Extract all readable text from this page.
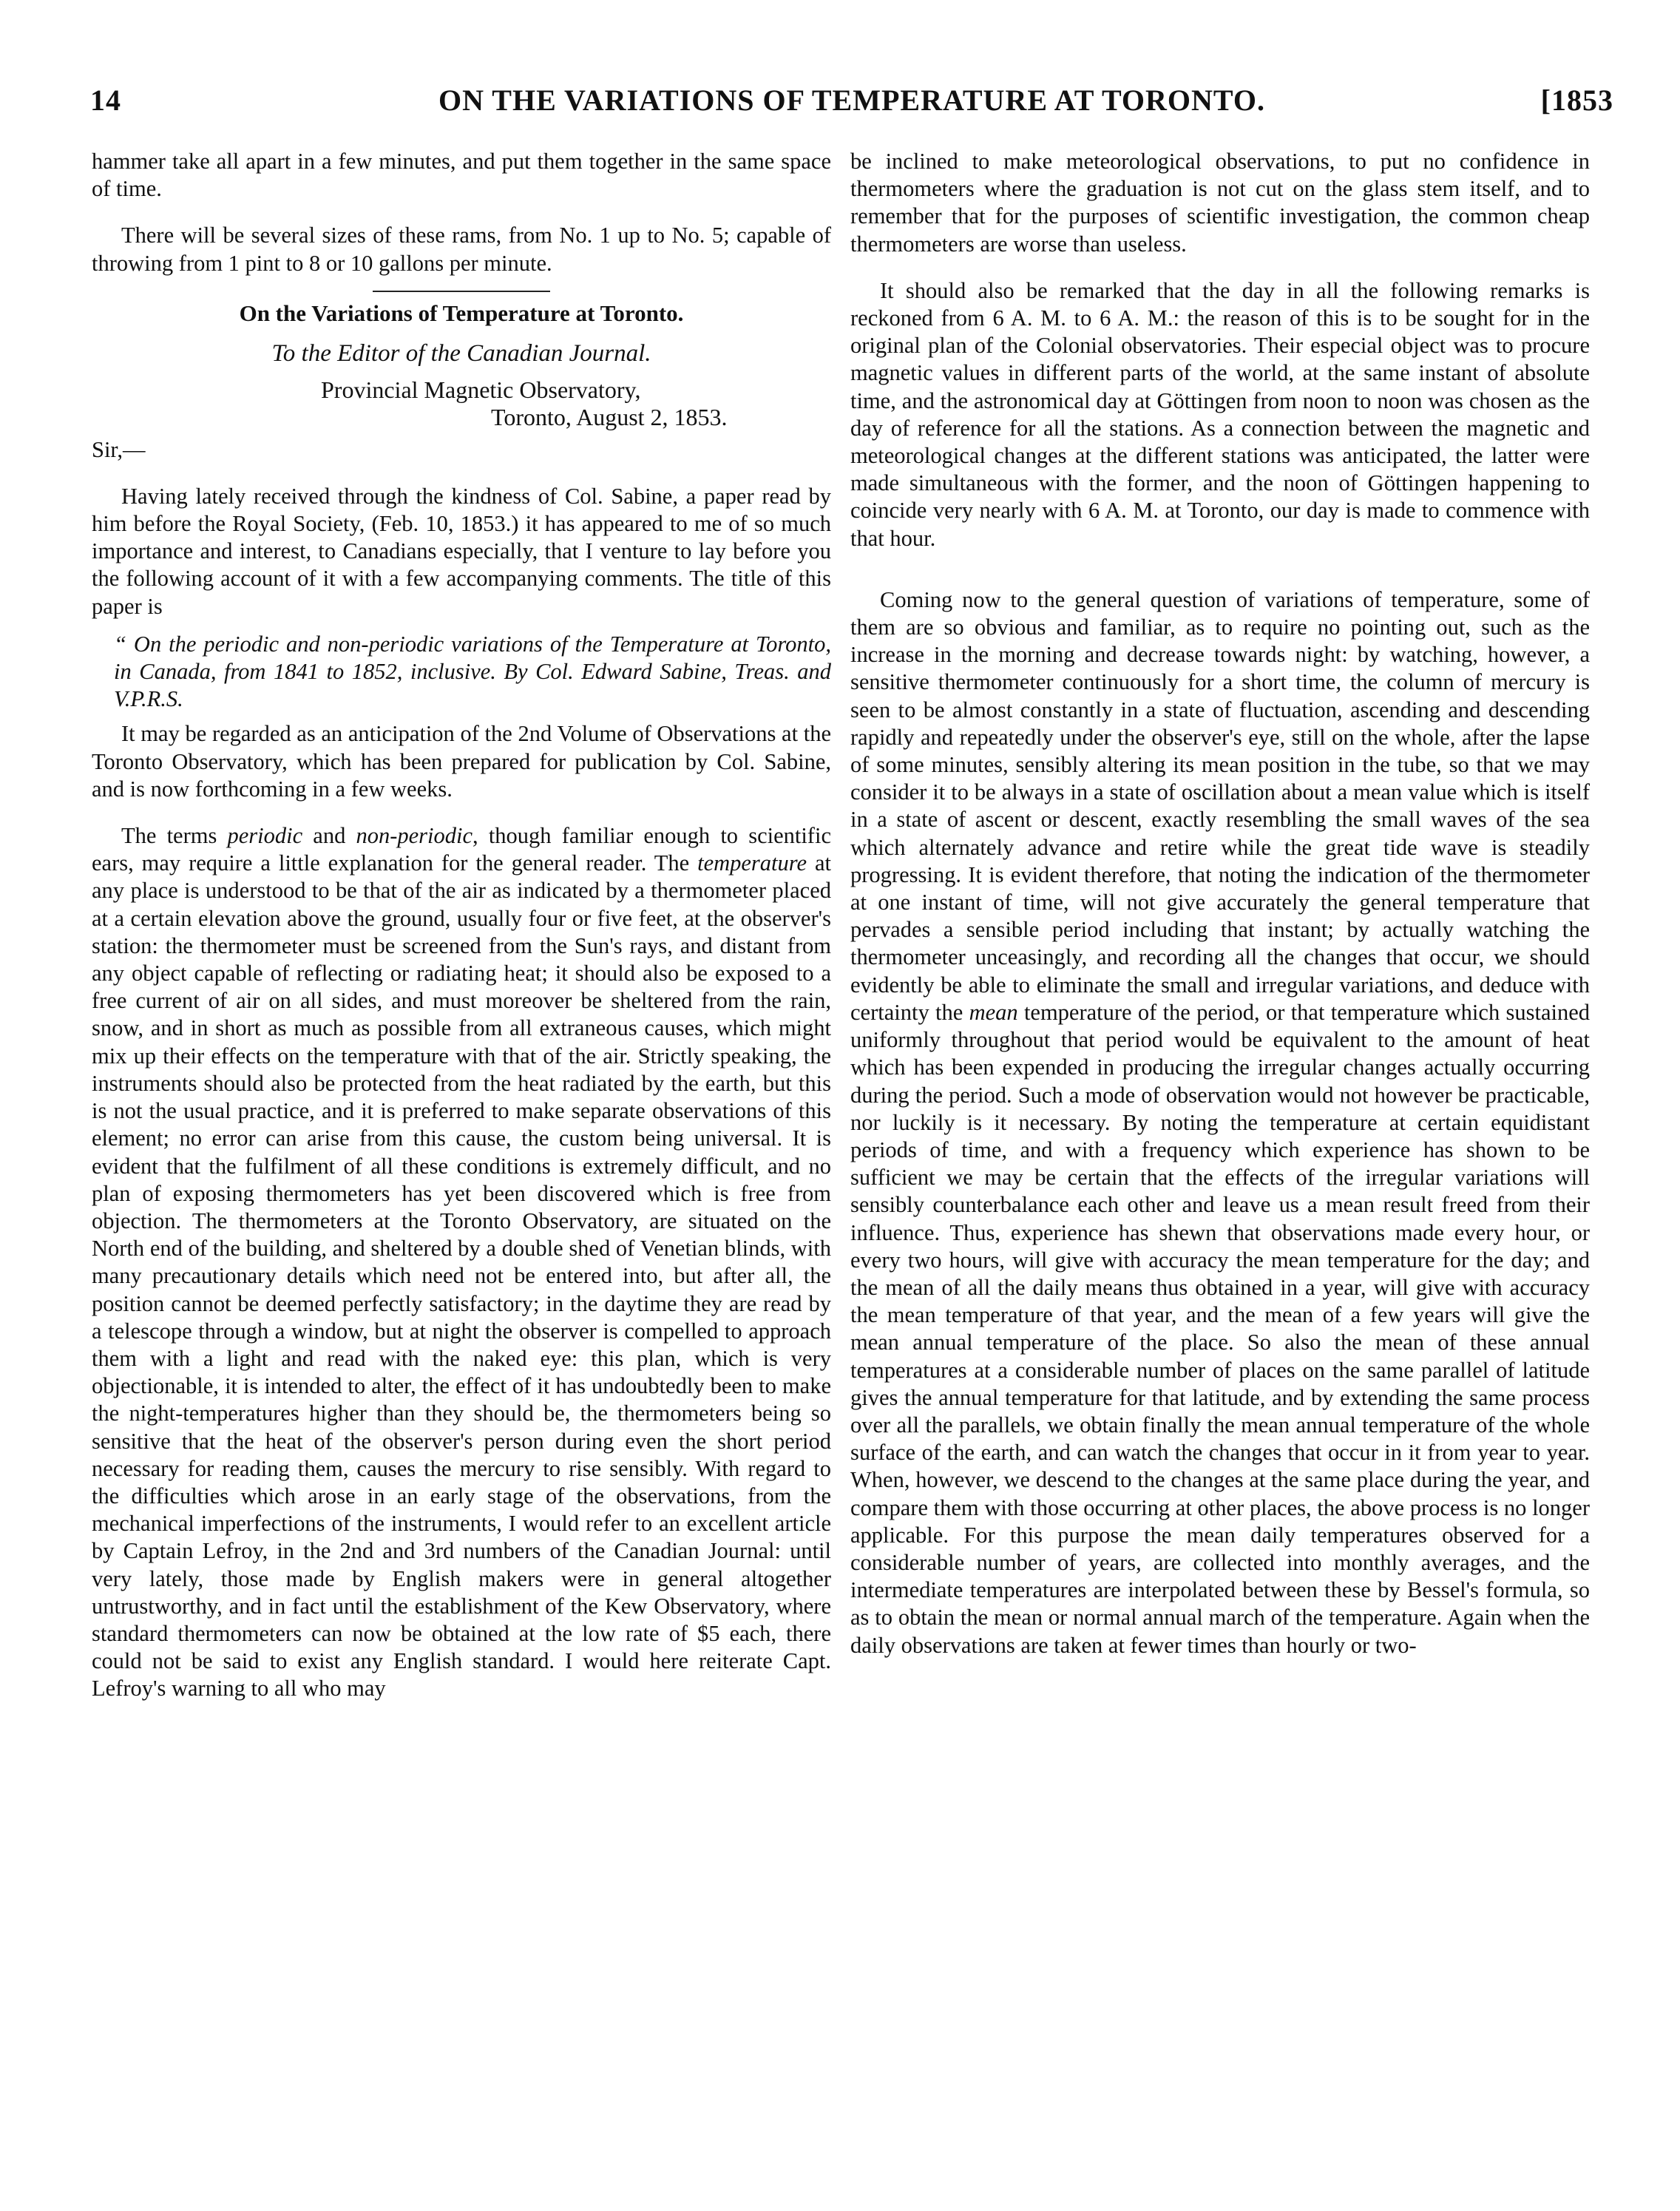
14	ON THE VARIATIONS OF TEMPERATURE AT TORONTO.	[1853

hammer take all apart in a few minutes, and put them together in the same space of time.

There will be several sizes of these rams, from No. 1 up to No. 5; capable of throwing from 1 pint to 8 or 10 gallons per minute.

On the Variations of Temperature at Toronto.

To the Editor of the Canadian Journal.

Provincial Magnetic Observatory,

Toronto, August 2, 1853.

Sir,—

Having lately received through the kindness of Col. Sabine, a paper read by him before the Royal Society, (Feb. 10, 1853.) it has appeared to me of so much importance and interest, to Canadians especially, that I venture to lay before you the following account of it with a few accompanying comments. The title of this paper is

“ On the periodic and non-periodic variations of the Temperature at Toronto, in Canada, from 1841 to 1852, inclusive. By Col. Edward Sabine, Treas. and V.P.R.S.

It may be regarded as an anticipation of the 2nd Volume of Observations at the Toronto Observatory, which has been prepared for publication by Col. Sabine, and is now forthcoming in a few weeks.

The terms periodic and non-periodic, though familiar enough to scientific ears, may require a little explanation for the general reader. The temperature at any place is understood to be that of the air as indicated by a thermometer placed at a certain elevation above the ground, usually four or five feet, at the observer's station: the thermometer must be screened from the Sun's rays, and distant from any object capable of reflecting or radiating heat; it should also be exposed to a free current of air on all sides, and must moreover be sheltered from the rain, snow, and in short as much as possible from all extraneous causes, which might mix up their effects on the temperature with that of the air. Strictly speaking, the instruments should also be protected from the heat radiated by the earth, but this is not the usual practice, and it is preferred to make separate observations of this element; no error can arise from this cause, the custom being universal. It is evident that the fulfilment of all these conditions is extremely difficult, and no plan of exposing thermometers has yet been discovered which is free from objection. The thermometers at the Toronto Observatory, are situated on the North end of the building, and sheltered by a double shed of Venetian blinds, with many precautionary details which need not be entered into, but after all, the position cannot be deemed perfectly satisfactory; in the daytime they are read by a telescope through a window, but at night the observer is compelled to approach them with a light and read with the naked eye: this plan, which is very objectionable, it is intended to alter, the effect of it has undoubtedly been to make the night-temperatures higher than they should be, the thermometers being so sensitive that the heat of the observer's person during even the short period necessary for reading them, causes the mercury to rise sensibly. With regard to the difficulties which arose in an early stage of the observations, from the mechanical imperfections of the instruments, I would refer to an excellent article by Captain Lefroy, in the 2nd and 3rd numbers of the Canadian Journal: until very lately, those made by English makers were in general altogether untrustworthy, and in fact until the establishment of the Kew Observatory, where standard thermometers can now be obtained at the low rate of $5 each, there could not be said to exist any English standard. I would here reiterate Capt. Lefroy's warning to all who may

be inclined to make meteorological observations, to put no confidence in thermometers where the graduation is not cut on the glass stem itself, and to remember that for the purposes of scientific investigation, the common cheap thermometers are worse than useless.

It should also be remarked that the day in all the following remarks is reckoned from 6 A. M. to 6 A. M.: the reason of this is to be sought for in the original plan of the Colonial observatories. Their especial object was to procure magnetic values in different parts of the world, at the same instant of absolute time, and the astronomical day at Göttingen from noon to noon was chosen as the day of reference for all the stations. As a connection between the magnetic and meteorological changes at the different stations was anticipated, the latter were made simultaneous with the former, and the noon of Göttingen happening to coincide very nearly with 6 A. M. at Toronto, our day is made to commence with that hour.

Coming now to the general question of variations of temperature, some of them are so obvious and familiar, as to require no pointing out, such as the increase in the morning and decrease towards night: by watching, however, a sensitive thermometer continuously for a short time, the column of mercury is seen to be almost constantly in a state of fluctuation, ascending and descending rapidly and repeatedly under the observer's eye, still on the whole, after the lapse of some minutes, sensibly altering its mean position in the tube, so that we may consider it to be always in a state of oscillation about a mean value which is itself in a state of ascent or descent, exactly resembling the small waves of the sea which alternately advance and retire while the great tide wave is steadily progressing. It is evident therefore, that noting the indication of the thermometer at one instant of time, will not give accurately the general temperature that pervades a sensible period including that instant; by actually watching the thermometer unceasingly, and recording all the changes that occur, we should evidently be able to eliminate the small and irregular variations, and deduce with certainty the mean temperature of the period, or that temperature which sustained uniformly throughout that period would be equivalent to the amount of heat which has been expended in producing the irregular changes actually occurring during the period. Such a mode of observation would not however be practicable, nor luckily is it necessary. By noting the temperature at certain equidistant periods of time, and with a frequency which experience has shown to be sufficient we may be certain that the effects of the irregular variations will sensibly counterbalance each other and leave us a mean result freed from their influence. Thus, experience has shewn that observations made every hour, or every two hours, will give with accuracy the mean temperature for the day; and the mean of all the daily means thus obtained in a year, will give with accuracy the mean temperature of that year, and the mean of a few years will give the mean annual temperature of the place. So also the mean of these annual temperatures at a considerable number of places on the same parallel of latitude gives the annual temperature for that latitude, and by extending the same process over all the parallels, we obtain finally the mean annual temperature of the whole surface of the earth, and can watch the changes that occur in it from year to year. When, however, we descend to the changes at the same place during the year, and compare them with those occurring at other places, the above process is no longer applicable. For this purpose the mean daily temperatures observed for a considerable number of years, are collected into monthly averages, and the intermediate temperatures are interpolated between these by Bessel's formula, so as to obtain the mean or normal annual march of the temperature. Again when the daily observations are taken at fewer times than hourly or two-
